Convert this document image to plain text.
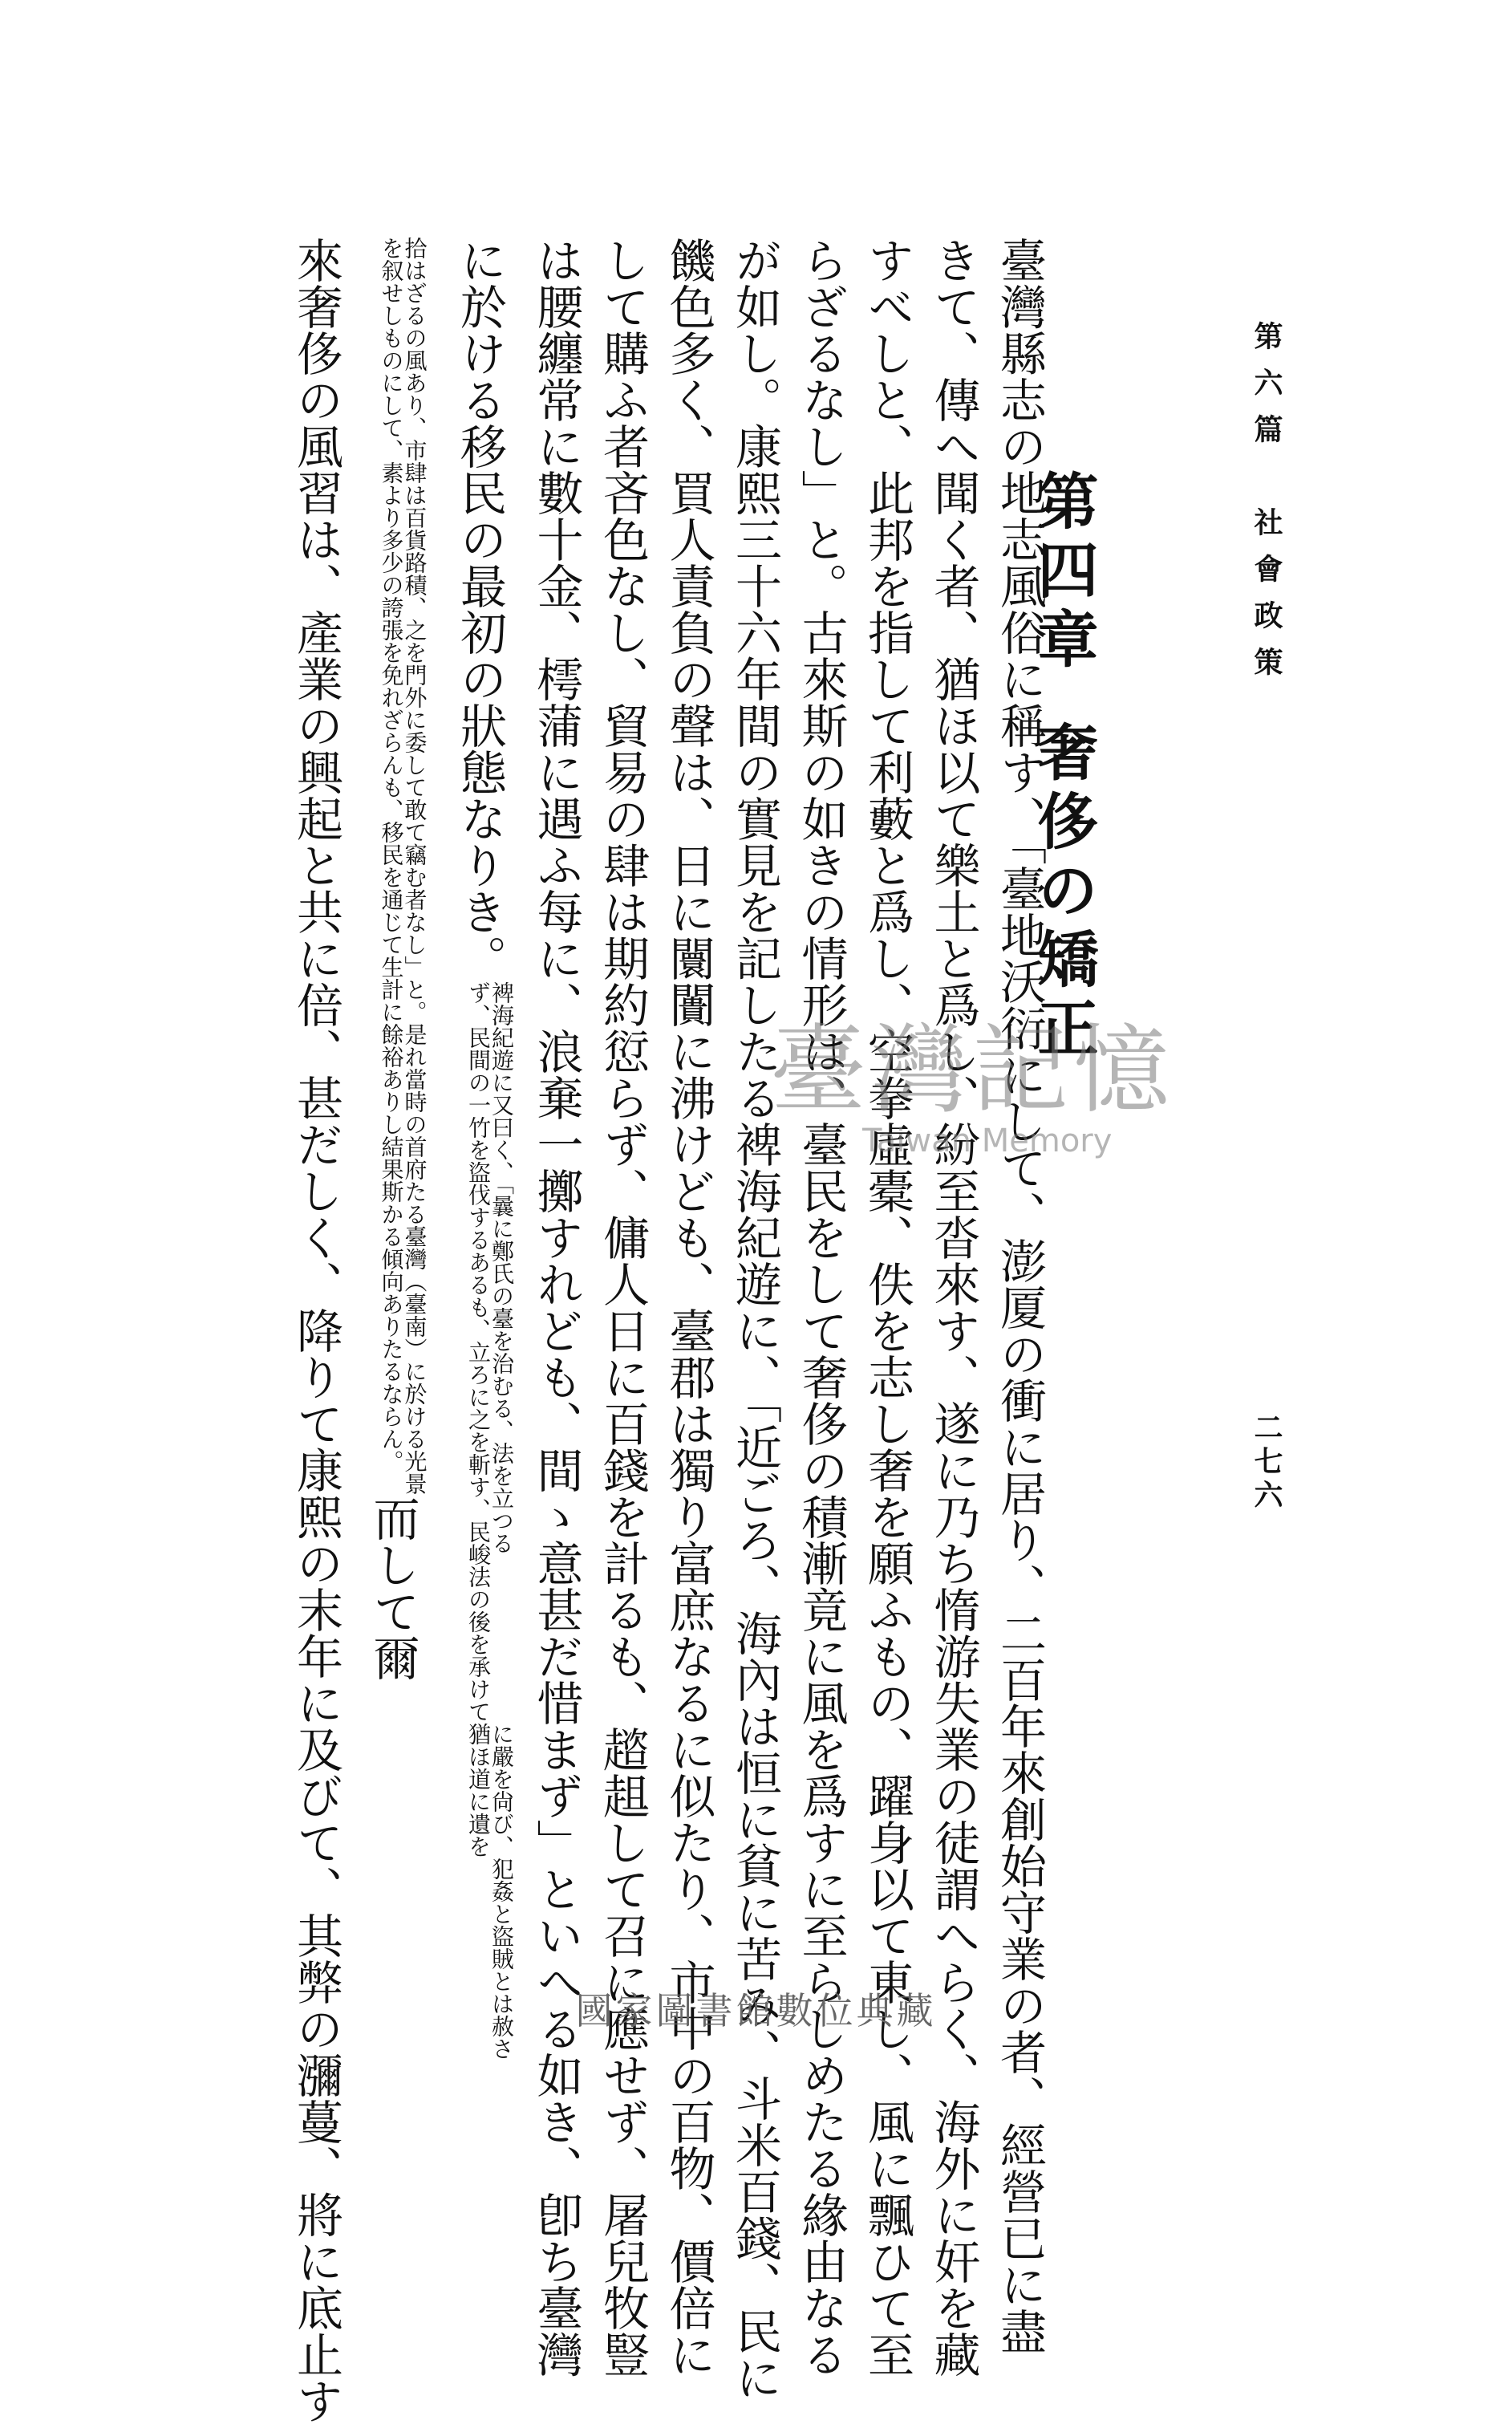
第六篇　社會政策
二七六
第四章奢侈の矯正
臺灣縣志の地志風俗に稱す、「臺地沃衍にして、澎厦の衝に居り、二百年來創始守業の者、經營已に盡
きて、傳へ聞く者、猶ほ以て樂土と爲し、紛至沓來す、遂に乃ち惰游失業の徒謂へらく、海外に奸を藏
すべしと、此邦を指して利藪と爲し、空拳虛橐、佚を志し奢を願ふもの、躍身以て東し、風に飄ひて至
らざるなし」と。古來斯の如きの情形は、臺民をして奢侈の積漸竟に風を爲すに至らしめたる緣由なる
が如し。康熙三十六年間の實見を記したる裨海紀遊に、「近ごろ、海內は恒に貧に苦み、斗米百錢、民に
饑色多く、買人責負の聲は、日に闤闠に沸けども、臺郡は獨り富庶なるに似たり、市中の百物、價倍に
して購ふ者吝色なし、貿易の肆は期約愆らず、傭人日に百錢を計るも、趦趄して召に應せず、屠兒牧豎
は腰纏常に數十金、樗蒲に遇ふ每に、浪棄一擲すれども、間ゝ意甚だ惜まず」といへる如き、卽ち臺灣
に於ける移民の最初の狀態なりき。
裨海紀遊に又曰く、「曩に鄭氏の臺を治むる、法を立つる
ず、民間の一竹を盜伐するあるも、立ろに之を斬す、民峻法の後を承けて
に嚴を尙び、犯姦と盜賊とは赦さ
猶ほ道に遺を
拾はざるの風あり、市肆は百貨路積、之を門外に委して敢て竊む者なし」と。是れ當時の首府たる臺灣（臺南）に於ける光景
を叙せしものにして、素より多少の誇張を免れざらんも、移民を通じて生計に餘裕ありし結果斯かる傾向ありたるならん。
而して爾
來奢侈の風習は、產業の興起と共に倍、甚だしく、降りて康熙の末年に及びて、其弊の瀰蔓、將に底止す	臺灣記憶
Taiwan Memory
國家圖書館數位典藏
